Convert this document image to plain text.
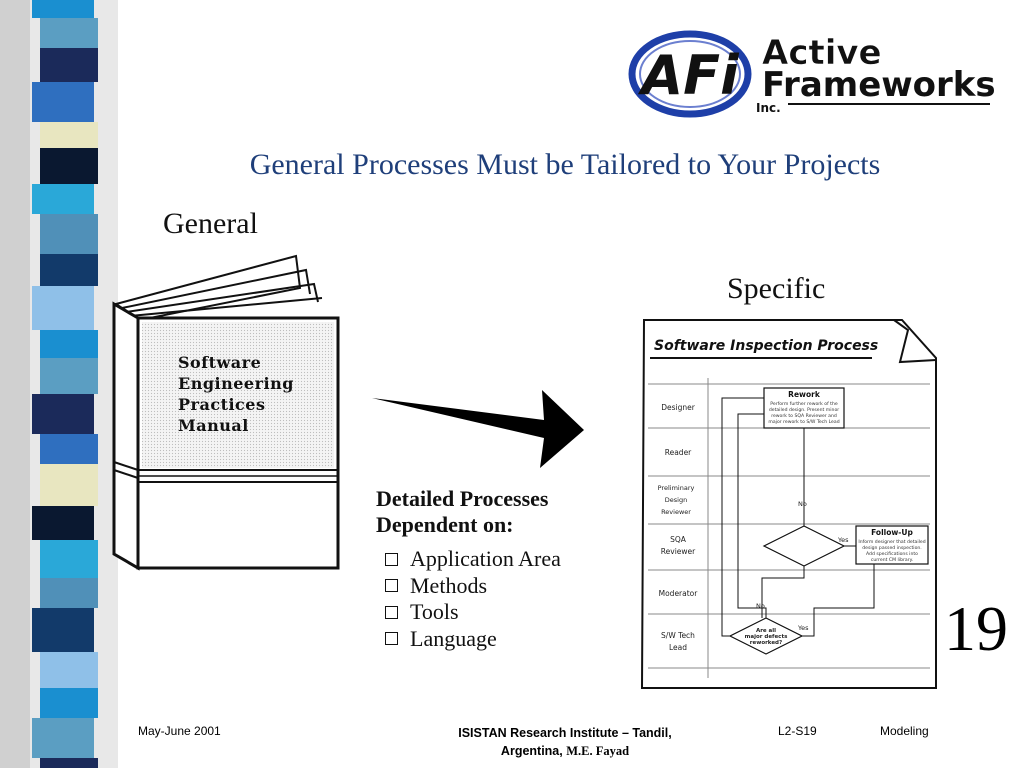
AFi Active
Frameworks
Inc.
General Processes Must be Tailored to Your Projects
General
Specific
Software
Engineering
Practices
Manual
Detailed Processes
Dependent on:
Application Area
Methods
Tools
Language
Software Inspection Process
Designer
Reader
Preliminary
Design
Reviewer
SQA
Reviewer
Moderator
S/W Tech
Lead
Rework
Perform further rework of the
detailed design. Present minor
rework to SQA Reviewer and
major rework to S/W Tech Lead
Follow-Up
Inform designer that detailed
design passed inspection.
Add specifications into
current CM library.
Are all
major defects
reworked?
No
Yes
No
Yes 19
May-June 2001	ISISTAN Research Institute – Tandil,
Argentina, M.E. Fayad
L2-S19	Modeling
